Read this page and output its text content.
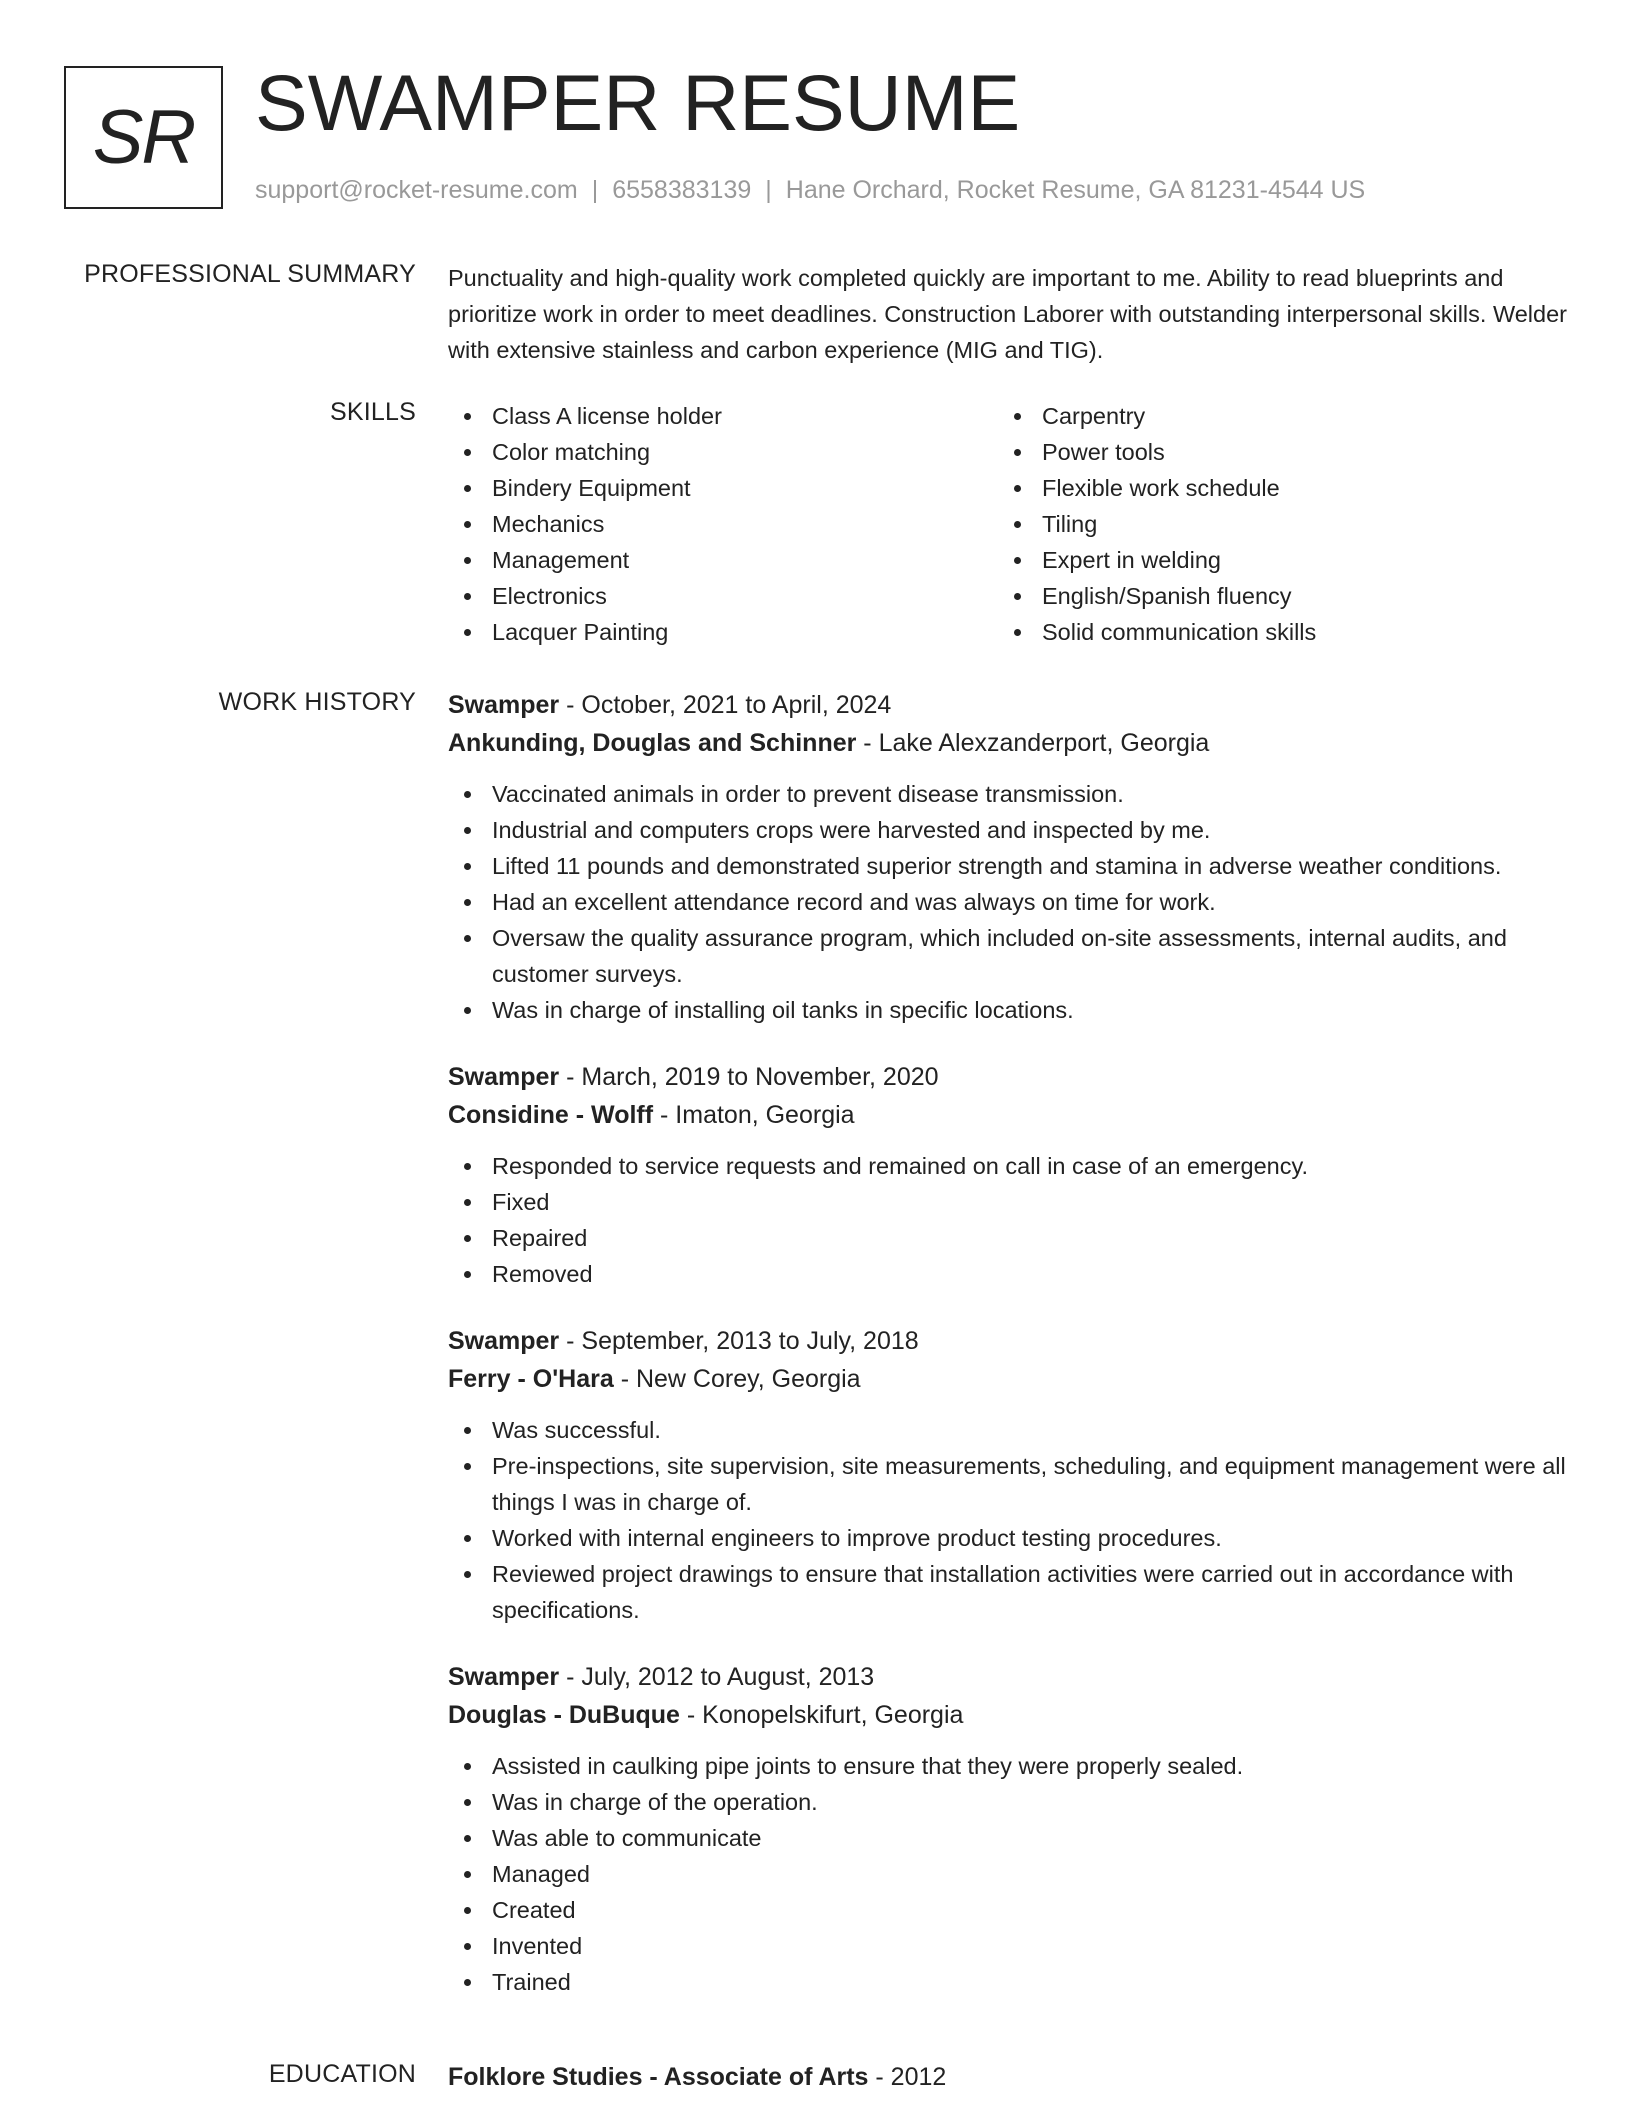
SR SWAMPER RESUME
support@rocket-resume.com | 6558383139 | Hane Orchard, Rocket Resume, GA 81231-4544 US
PROFESSIONAL SUMMARY Punctuality and high-quality work completed quickly are important to me. Ability to read blueprints and prioritize work in order to meet deadlines. Construction Laborer with outstanding interpersonal skills. Welder with extensive stainless and carbon experience (MIG and TIG).
SKILLS	Class A license holder
Color matching
Bindery Equipment
Mechanics
Management
Electronics
Lacquer Painting
Carpentry
Power tools
Flexible work schedule
Tiling
Expert in welding
English/Spanish fluency
Solid communication skills
WORK HISTORY Swamper - October, 2021 to April, 2024
Ankunding, Douglas and Schinner - Lake Alexzanderport, Georgia
Vaccinated animals in order to prevent disease transmission.
Industrial and computers crops were harvested and inspected by me.
Lifted 11 pounds and demonstrated superior strength and stamina in adverse weather conditions.
Had an excellent attendance record and was always on time for work.
Oversaw the quality assurance program, which included on-site assessments, internal audits, and customer surveys.
Was in charge of installing oil tanks in specific locations.
Swamper - March, 2019 to November, 2020
Considine - Wolff - Imaton, Georgia
Responded to service requests and remained on call in case of an emergency.
Fixed
Repaired
Removed
Swamper - September, 2013 to July, 2018
Ferry - O'Hara - New Corey, Georgia
Was successful.
Pre-inspections, site supervision, site measurements, scheduling, and equipment management were all things I was in charge of.
Worked with internal engineers to improve product testing procedures.
Reviewed project drawings to ensure that installation activities were carried out in accordance with specifications.
Swamper - July, 2012 to August, 2013
Douglas - DuBuque - Konopelskifurt, Georgia
Assisted in caulking pipe joints to ensure that they were properly sealed.
Was in charge of the operation.
Was able to communicate
Managed
Created
Invented
Trained
EDUCATION Folklore Studies - Associate of Arts - 2012
